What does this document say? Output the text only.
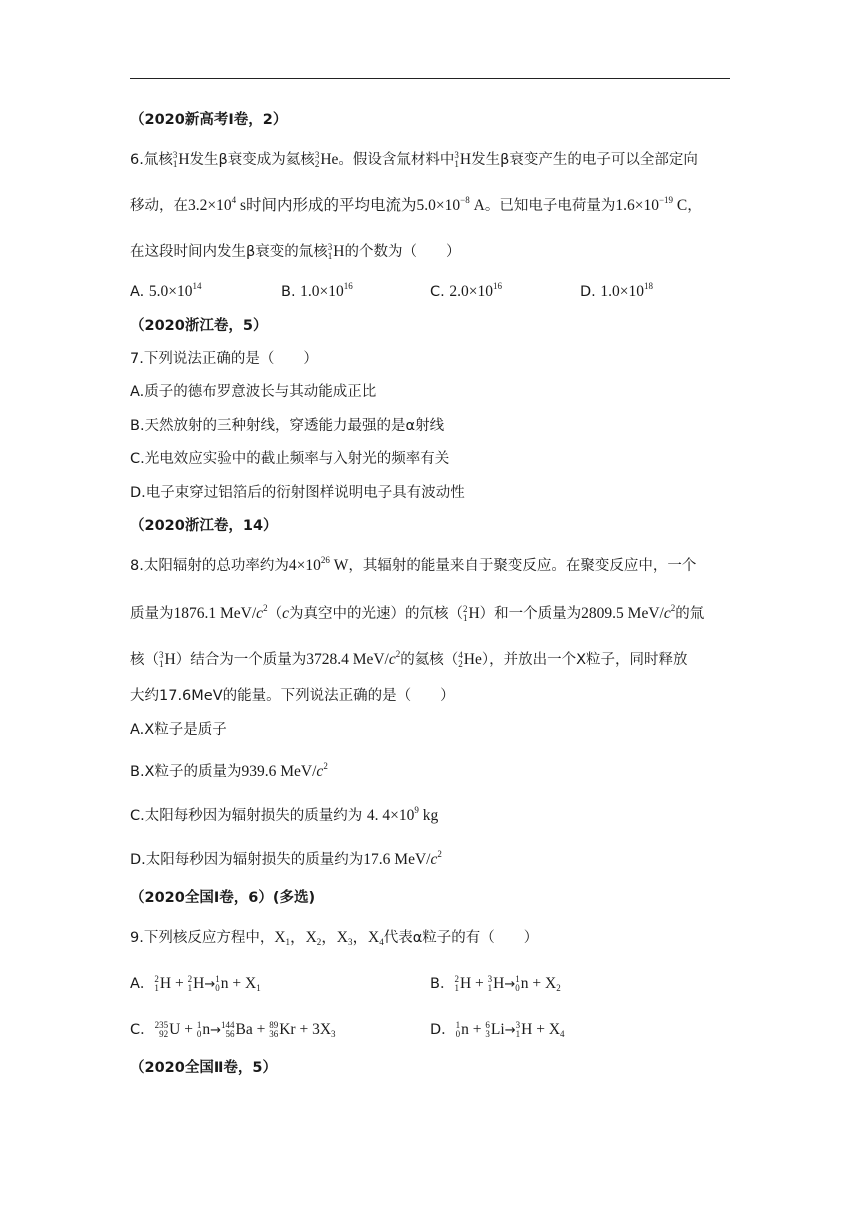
（2020新高考Ⅰ卷，2）
6.氚核 3
1 H发生β衰变成为氦核 3
2 He。假设含氚材料中 3
1 H发生β衰变产生的电子可以全部定向
移动，在$3.2\times 10^4$ s时间内形成的平均电流为$5.0\times 10^{-8}$ A。已知电子电荷量为$1.6\times 10^{-19}$ C，
在这段时间内发生β衰变的氚核 3
1 H的个数为（　　）
A. $5.0\times 10^{14}$	B. $1.0\times 10^{16}$	C. $2.0\times 10^{16}$	D. $1.0\times 10^{18}$
（2020浙江卷，5）
7.下列说法正确的是（　　）
A.质子的德布罗意波长与其动能成正比
B.天然放射的三种射线，穿透能力最强的是α射线
C.光电效应实验中的截止频率与入射光的频率有关
D.电子束穿过铝箔后的衍射图样说明电子具有波动性
（2020浙江卷，14）
8.太阳辐射的总功率约为$4\times 10^{26}$ W，其辐射的能量来自于聚变反应。在聚变反应中，一个
质量为1876.1 MeV/$c^2(c$为真空中的光速）的氘核（ 2
1 H）和一个质量为2809.5 MeV/$c^2$的氚
核（ 3
1 H）结合为一个质量为3728.4 MeV/$c^2$的氦核（ 4
2 He），并放出一个X粒子，同时释放
大约17.6MeV的能量。下列说法正确的是（　　）
A.X粒子是质子
B.X粒子的质量为939.6 MeV/$c^2$
C.太阳每秒因为辐射损失的质量约为 4. $4\times 10^9$ kg
D.太阳每秒因为辐射损失的质量约为17.6 MeV/$c^2$
（2020全国Ⅰ卷，6）(多选)
9.下列核反应方程中，$X_1$，$X_2$，$X_3$，$X_4$代表α粒子的有（　　）
A． 2
1 H + 2
1 H→ 1
0 $n + X_1$	B． 2
1 H + 3
1 H→ 1
0 $n + X_2$
C． 235
92 U + 1
0 n→ 144
56 Ba + 89
36 $Kr + 3X_3$	D． 1
0 n + 6
3 Li→ 3
1 $H + X_4$
（2020全国Ⅱ卷，5）
